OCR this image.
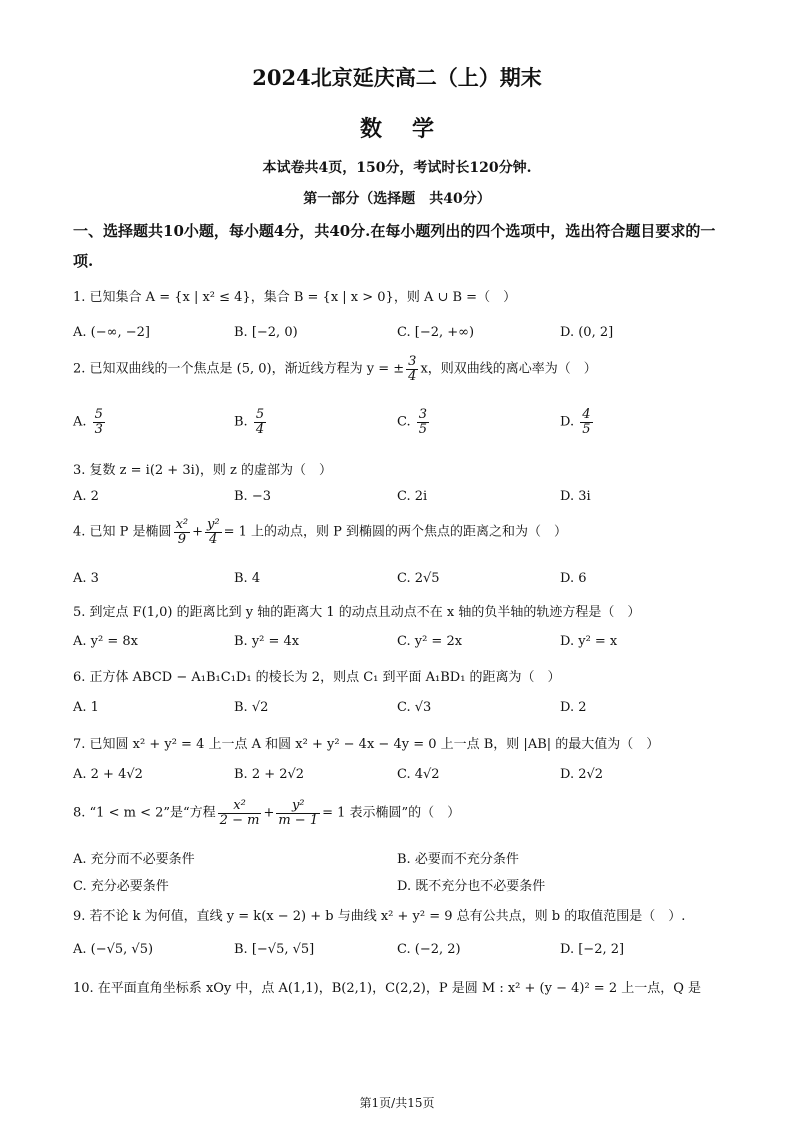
2024北京延庆高二（上）期末
数学
本试卷共4页，150分，考试时长120分钟.
第一部分（选择题　共40分）
一、选择题共10小题，每小题4分，共40分.在每小题列出的四个选项中，选出符合题目要求的一项.
1. 已知集合 A = {x | x² ≤ 4}，集合 B = {x | x > 0}，则 A ∪ B =（　）
A. (−∞, −2]	B. [−2, 0)	C. [−2, +∞)	D. (0, 2]
2. 已知双曲线的一个焦点是 (5, 0)，渐近线方程为 y = ± $\frac{3}{4}$ x，则双曲线的离心率为（　）
A. $\frac{5}{3}$	B. $\frac{5}{4}$	C. $\frac{3}{5}$	D. $\frac{4}{5}$
3. 复数 z = i(2 + 3i)，则 z 的虚部为（　）
A. 2	B. −3	C. 2i	D. 3i
4. 已知 P 是椭圆 $\frac{\text{x²}}{9} + \frac{\text{y²}}{4} = 1$ 上的动点，则 P 到椭圆的两个焦点的距离之和为（　）
A. 3	B. 4	C. 2√5	D. 6
5. 到定点 F(1,0) 的距离比到 y 轴的距离大 1 的动点且动点不在 x 轴的负半轴的轨迹方程是（　）
A. y² = 8x	B. y² = 4x	C. y² = 2x	D. y² = x
6. 正方体 ABCD − A₁B₁C₁D₁ 的棱长为 2，则点 C₁ 到平面 A₁BD₁ 的距离为（　）
A. 1	B. √2	C. √3	D. 2
7. 已知圆 x² + y² = 4 上一点 A 和圆 x² + y² − 4x − 4y = 0 上一点 B，则 |AB| 的最大值为（　）
A. 2 + 4√2	B. 2 + 2√2	C. 4√2	D. 2√2
8. “1 < m < 2”是“方程 $\frac{\text{x²}}{2 - m} + \frac{\text{y²}}{m - 1} = 1$ 表示椭圆”的（　）
A. 充分而不必要条件	B. 必要而不充分条件
C. 充分必要条件	D. 既不充分也不必要条件
9. 若不论 k 为何值，直线 y = k(x − 2) + b 与曲线 x² + y² = 9 总有公共点，则 b 的取值范围是（　）.
A. (−√5, √5)	B. [−√5, √5]	C. (−2, 2)	D. [−2, 2]
10. 在平面直角坐标系 xOy 中，点 A(1,1)，B(2,1)，C(2,2)，P 是圆 M : x² + (y − 4)² = 2 上一点，Q 是
第1页/共15页
